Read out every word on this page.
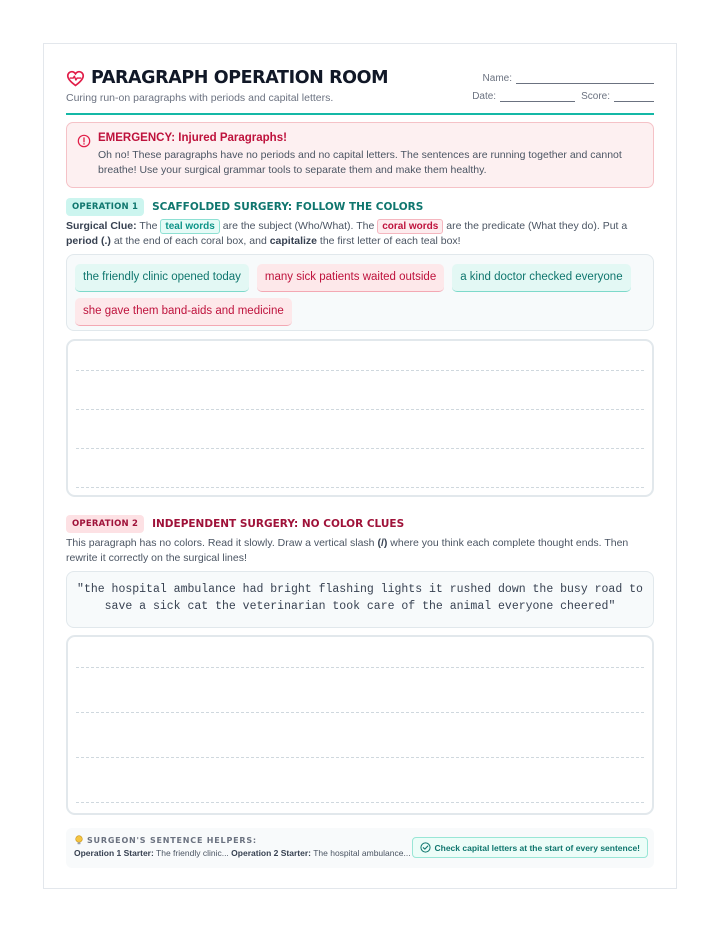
PARAGRAPH OPERATION ROOM
Curing run-on paragraphs with periods and capital letters.
Name:
Date:	Score:
EMERGENCY: Injured Paragraphs!
Oh no! These paragraphs have no periods and no capital letters. The sentences are running together and cannot breathe! Use your surgical grammar tools to separate them and make them healthy.
OPERATION 1	SCAFFOLDED SURGERY: FOLLOW THE COLORS
Surgical Clue: The teal words are the subject (Who/What). The coral words are the predicate (What they do). Put a period (.) at the end of each coral box, and capitalize the first letter of each teal box!
the friendly clinic opened today	many sick patients waited outside	a kind doctor checked everyone
she gave them band-aids and medicine
OPERATION 2	INDEPENDENT SURGERY: NO COLOR CLUES
This paragraph has no colors. Read it slowly. Draw a vertical slash (/) where you think each complete thought ends. Then rewrite it correctly on the surgical lines!
"the hospital ambulance had bright flashing lights it rushed down the busy road to save a sick cat the veterinarian took care of the animal everyone cheered"
SURGEON'S SENTENCE HELPERS:
Operation 1 Starter: The friendly clinic... Operation 2 Starter: The hospital ambulance...
Check capital letters at the start of every sentence!
